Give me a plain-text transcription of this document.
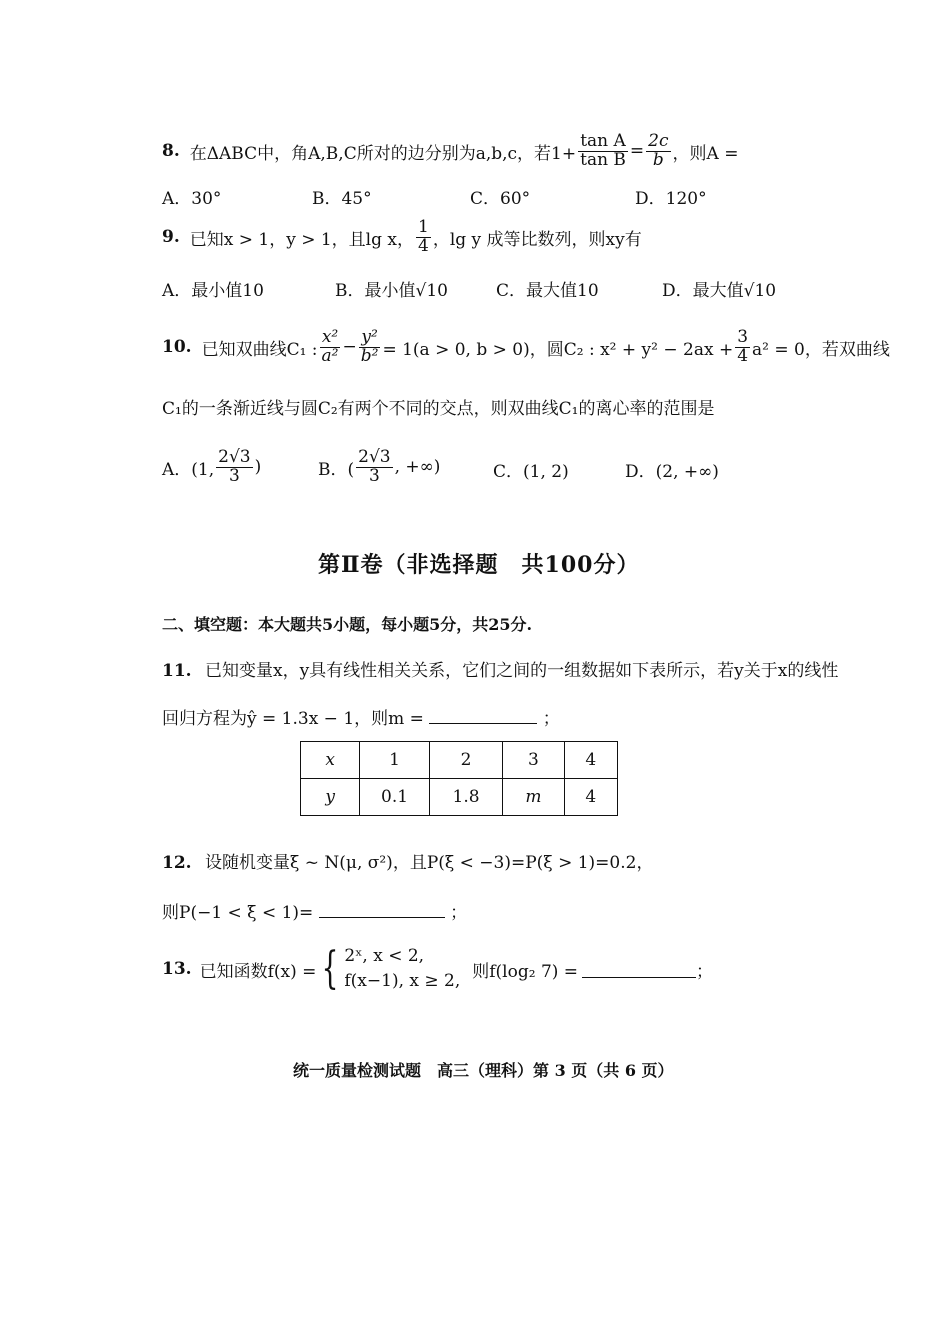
8. 在ΔABC中，角A,B,C所对的边分别为a,b,c，若$1+ \frac{\text{tan A}}{\text{tan B}} = \frac{2c}{b}$ ，则A =
A．30°	B．45°	C．60°	D．120°
9. 已知x > 1，y > 1，且lg x， $\frac{1}{4}$ ，lg y 成等比数列，则xy有
A．最小值10	B．最小值√10	C．最大值10	D．最大值√10
10. 已知双曲线C₁ : $\frac{\text{x²}}{\text{a²}} - \frac{\text{y²}}{\text{b²}} = 1(a > 0$, b > 0)，圆C₂ : $x^2 + y^2 - 2ax + \frac{3}{4} a^2 = 0$，若双曲线
C₁的一条渐近线与圆C₂有两个不同的交点，则双曲线C₁的离心率的范围是
A．(1, $\frac{2√3}{3}$ )	B．( $\frac{2√3}{3}$ , +∞)	C．(1, 2)	D．(2, +∞)
第Ⅱ卷（非选择题　共100分）
二、填空题：本大题共5小题，每小题5分，共25分.
11. 已知变量x，y具有线性相关关系，它们之间的一组数据如下表所示，若y关于x的线性
回归方程为ŷ = 1.3x − 1，则m =	；
x	1	2	3	4
y	0.1	1.8	m	4
12. 设随机变量ξ ~ N(μ, σ²)，且P(ξ < −3)=P(ξ > 1)=0.2，
则P(−1 < ξ < 1)=	；
13. 已知函数f(x) = { 2ˣ, x < 2,
f(x−1), x ≥ 2, 则f(log₂ 7) =	；
统一质量检测试题　高三（理科）第 3 页（共 6 页）
